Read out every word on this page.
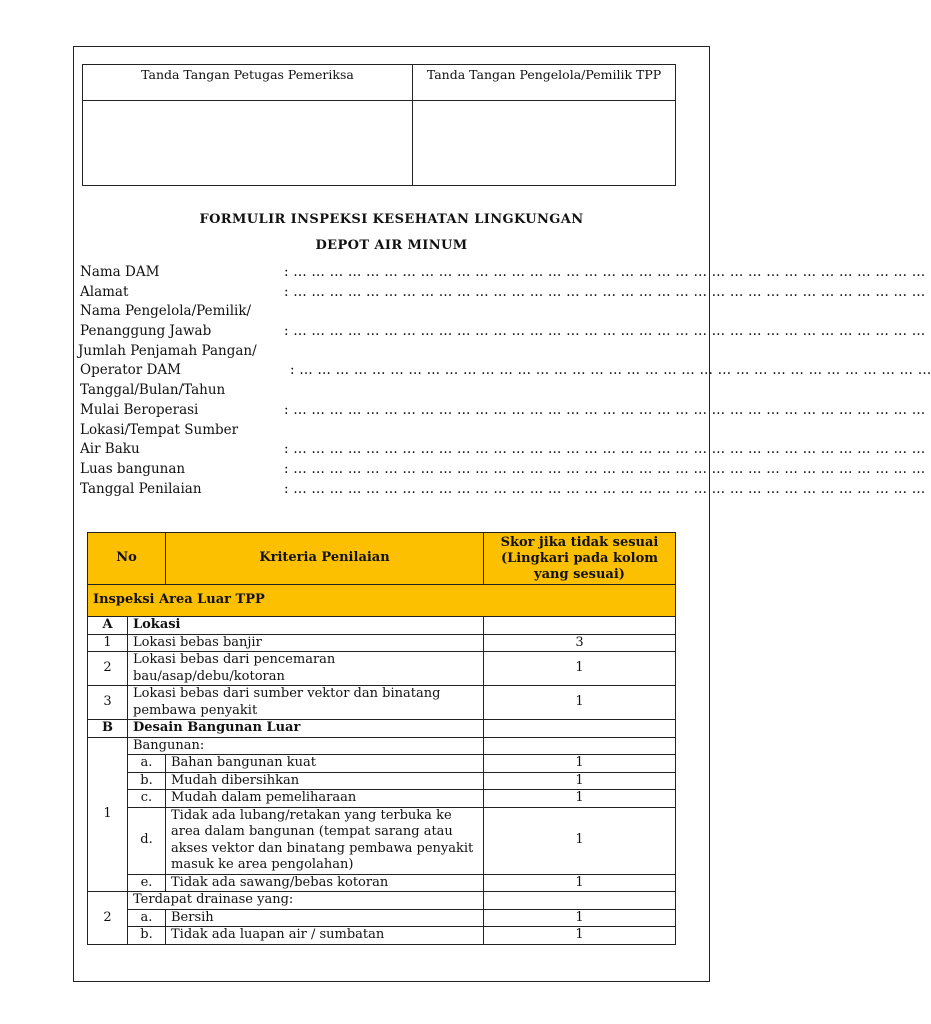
Tanda Tangan Petugas Pemeriksa	Tanda Tangan Pengelola/Pemilik TPP

FORMULIR INSPEKSI KESEHATAN LINGKUNGAN
DEPOT AIR MINUM
Nama DAM	: … … … … … … … … … … … … … … … … … … … … … … … … … … … … … … … … … … …
Alamat	: … … … … … … … … … … … … … … … … … … … … … … … … … … … … … … … … … … …
Nama Pengelola/Pemilik/
Penanggung Jawab	: … … … … … … … … … … … … … … … … … … … … … … … … … … … … … … … … … … …
Jumlah Penjamah Pangan/
Operator DAM	: … … … … … … … … … … … … … … … … … … … … … … … … … … … … … … … … … … …
Tanggal/Bulan/Tahun
Mulai Beroperasi	: … … … … … … … … … … … … … … … … … … … … … … … … … … … … … … … … … … …
Lokasi/Tempat Sumber
Air Baku	: … … … … … … … … … … … … … … … … … … … … … … … … … … … … … … … … … … …
Luas bangunan	: … … … … … … … … … … … … … … … … … … … … … … … … … … … … … … … … … … …
Tanggal Penilaian	: … … … … … … … … … … … … … … … … … … … … … … … … … … … … … … … … … … …
No		Kriteria Penilaian	Skor jika tidak sesuai (Lingkari pada kolom yang sesuai)
Inspeksi Area Luar TPP			
A	Lokasi		
1	Lokasi bebas banjir		3
2	Lokasi bebas dari pencemaran bau/asap/debu/kotoran		1
3	Lokasi bebas dari sumber vektor dan binatang pembawa penyakit		1
B	Desain Bangunan Luar		
1	Bangunan:		
	a.	Bahan bangunan kuat	1
	b.	Mudah dibersihkan	1
	c.	Mudah dalam pemeliharaan	1
	d.	Tidak ada lubang/retakan yang terbuka ke area dalam bangunan (tempat sarang atau akses vektor dan binatang pembawa penyakit masuk ke area pengolahan)	1
	e.	Tidak ada sawang/bebas kotoran	1
2	Terdapat drainase yang:		
	a.	Bersih	1
	b.	Tidak ada luapan air / sumbatan	1
